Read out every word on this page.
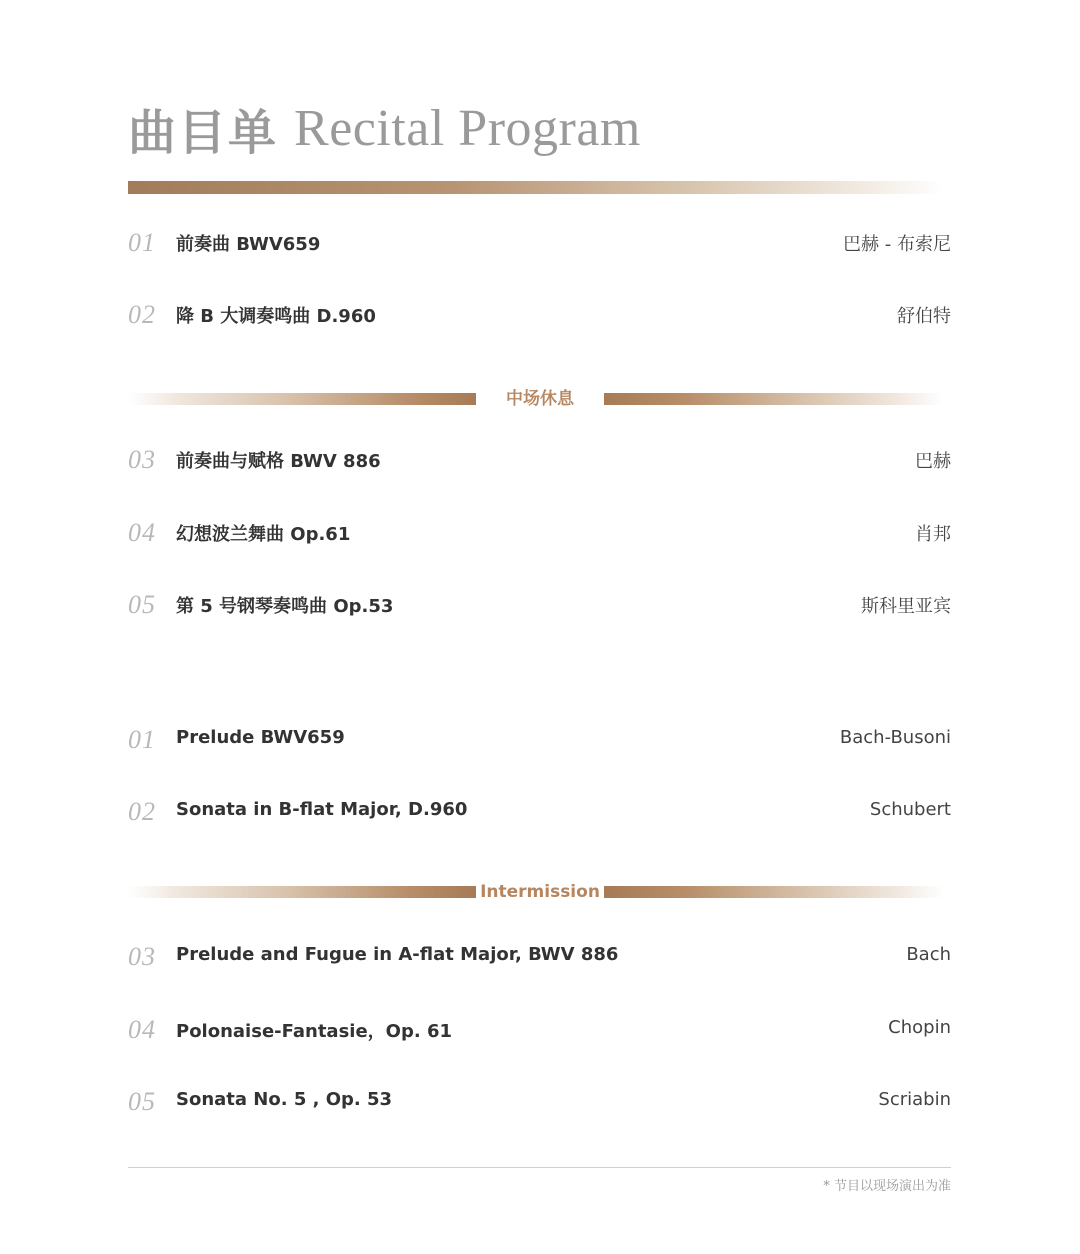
曲目单 Recital Program
01 前奏曲 BWV659	巴赫 - 布索尼
02 降 B 大调奏鸣曲 D.960	舒伯特
中场休息
03 前奏曲与赋格 BWV 886	巴赫
04 幻想波兰舞曲 Op.61	肖邦
05 第 5 号钢琴奏鸣曲 Op.53	斯科里亚宾
01 Prelude BWV659	Bach-Busoni
02 Sonata in B-flat Major, D.960	Schubert
Intermission
03 Prelude and Fugue in A-flat Major, BWV 886	Bach
04 Polonaise-Fantasie，Op. 61	Chopin
05 Sonata No. 5 , Op. 53	Scriabin
* 节目以现场演出为准
